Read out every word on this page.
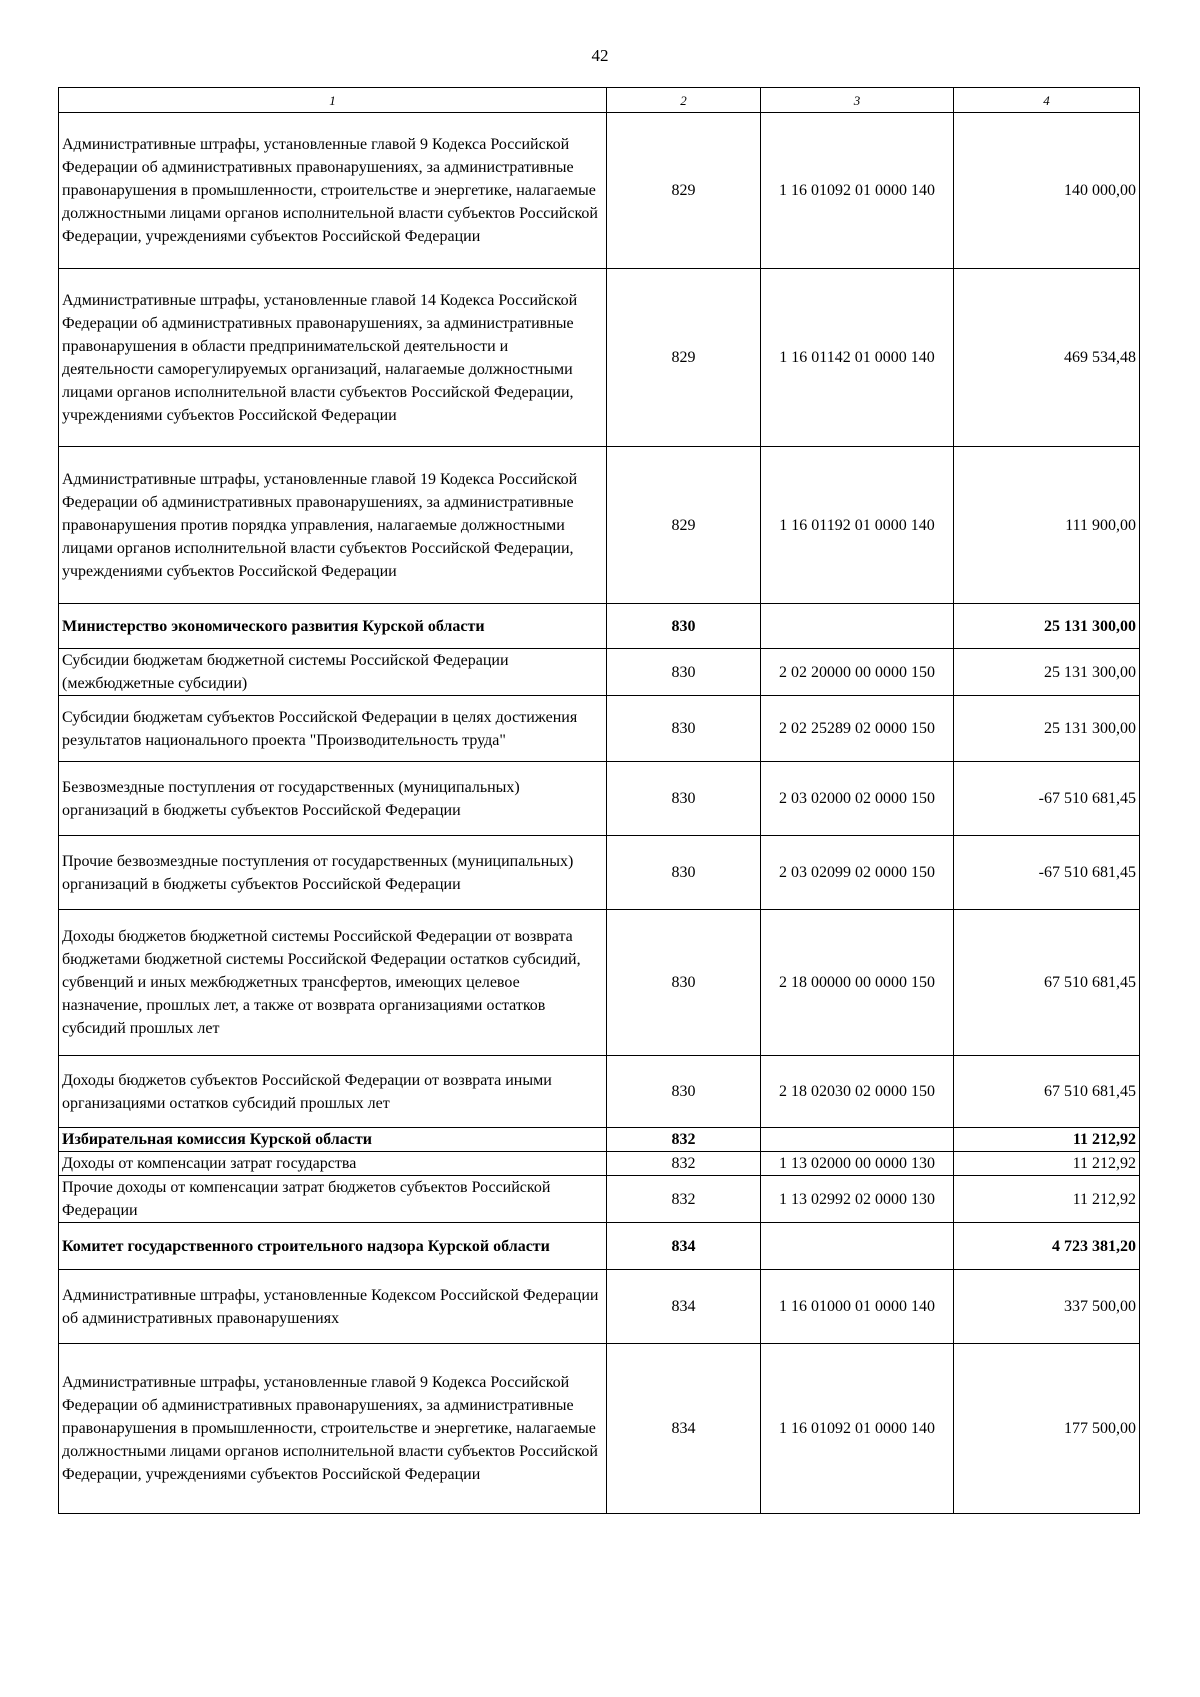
42
1	2	3	4
Административные штрафы, установленные главой 9 Кодекса Российской Федерации об административных правонарушениях, за административные правонарушения в промышленности, строительстве и энергетике, налагаемые должностными лицами органов исполнительной власти субъектов Российской Федерации, учреждениями субъектов Российской Федерации	829	1 16 01092 01 0000 140	140 000,00
Административные штрафы, установленные главой 14 Кодекса Российской Федерации об административных правонарушениях, за административные правонарушения в области предпринимательской деятельности и деятельности саморегулируемых организаций, налагаемые должностными лицами органов исполнительной власти субъектов Российской Федерации, учреждениями субъектов Российской Федерации	829	1 16 01142 01 0000 140	469 534,48
Административные штрафы, установленные главой 19 Кодекса Российской Федерации об административных правонарушениях, за административные правонарушения против порядка управления, налагаемые должностными лицами органов исполнительной власти субъектов Российской Федерации, учреждениями субъектов Российской Федерации	829	1 16 01192 01 0000 140	111 900,00
Министерство экономического развития Курской области	830		25 131 300,00
Субсидии бюджетам бюджетной системы Российской Федерации (межбюджетные субсидии)	830	2 02 20000 00 0000 150	25 131 300,00
Субсидии бюджетам субъектов Российской Федерации в целях достижения результатов национального проекта "Производительность труда"	830	2 02 25289 02 0000 150	25 131 300,00
Безвозмездные поступления от государственных (муниципальных) организаций в бюджеты субъектов Российской Федерации	830	2 03 02000 02 0000 150	-67 510 681,45
Прочие безвозмездные поступления от государственных (муниципальных) организаций в бюджеты субъектов Российской Федерации	830	2 03 02099 02 0000 150	-67 510 681,45
Доходы бюджетов бюджетной системы Российской Федерации от возврата бюджетами бюджетной системы Российской Федерации остатков субсидий, субвенций и иных межбюджетных трансфертов, имеющих целевое назначение, прошлых лет, а также от возврата организациями остатков субсидий прошлых лет	830	2 18 00000 00 0000 150	67 510 681,45
Доходы бюджетов субъектов Российской Федерации от возврата иными организациями остатков субсидий прошлых лет	830	2 18 02030 02 0000 150	67 510 681,45
Избирательная комиссия Курской области	832		11 212,92
Доходы от компенсации затрат государства	832	1 13 02000 00 0000 130	11 212,92
Прочие доходы от компенсации затрат бюджетов субъектов Российской Федерации	832	1 13 02992 02 0000 130	11 212,92
Комитет государственного строительного надзора Курской области	834		4 723 381,20
Административные штрафы, установленные Кодексом Российской Федерации об административных правонарушениях	834	1 16 01000 01 0000 140	337 500,00
Административные штрафы, установленные главой 9 Кодекса Российской Федерации об административных правонарушениях, за административные правонарушения в промышленности, строительстве и энергетике, налагаемые должностными лицами органов исполнительной власти субъектов Российской Федерации, учреждениями субъектов Российской Федерации	834	1 16 01092 01 0000 140	177 500,00
